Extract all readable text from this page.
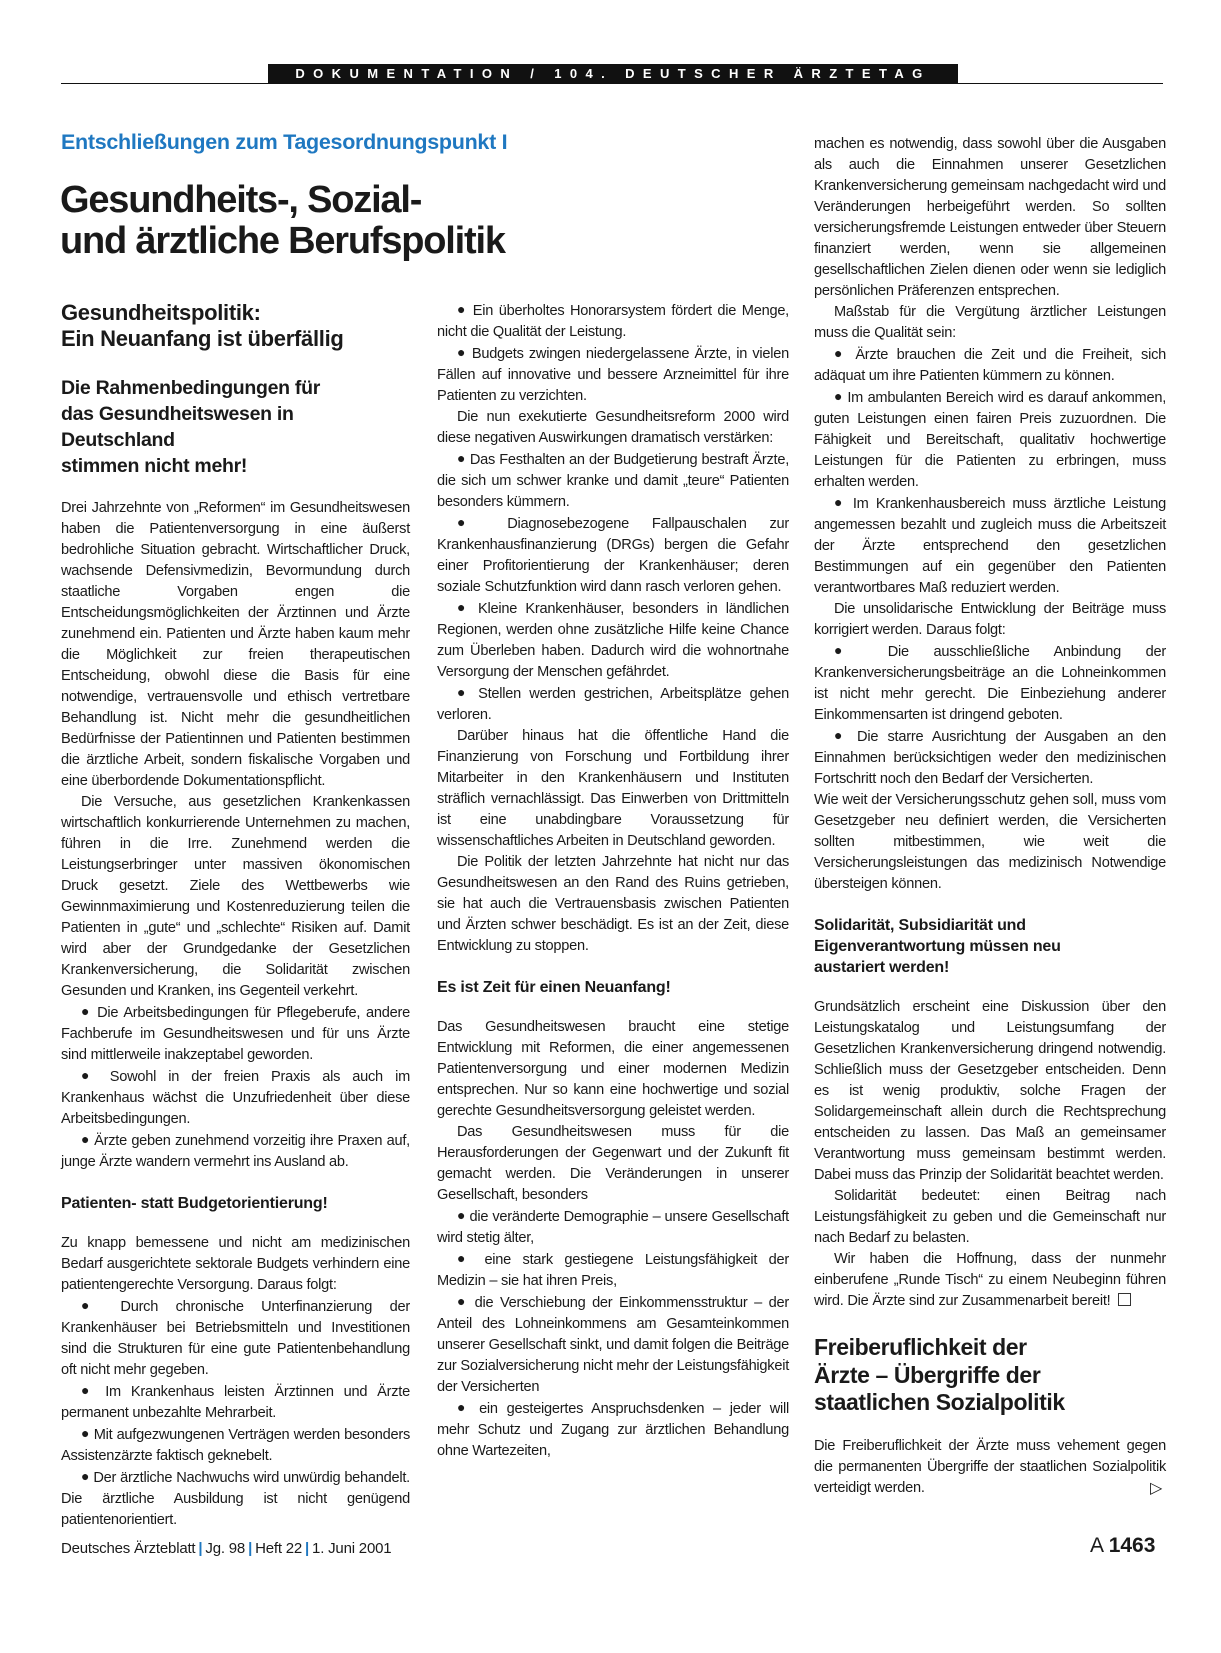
DOKUMENTATION / 104. DEUTSCHER ÄRZTETAG
Entschließungen zum Tagesordnungspunkt I
Gesundheits-, Sozial-
und ärztliche Berufspolitik
Gesundheitspolitik:
Ein Neuanfang ist überfällig
Die Rahmenbedingungen für
das Gesundheitswesen in Deutschland
stimmen nicht mehr!

Drei Jahrzehnte von „Reformen“ im Gesundheitswesen haben die Patientenversorgung in eine äußerst bedrohliche Situation gebracht. Wirtschaftlicher Druck, wachsende Defensivmedizin, Bevormundung durch staatliche Vorgaben engen die Entscheidungsmöglichkeiten der Ärztinnen und Ärzte zunehmend ein. Patienten und Ärzte haben kaum mehr die Möglichkeit zur freien therapeutischen Entscheidung, obwohl diese die Basis für eine notwendige, vertrauensvolle und ethisch vertretbare Behandlung ist. Nicht mehr die gesundheitlichen Bedürfnisse der Patientinnen und Patienten bestimmen die ärztliche Arbeit, sondern fiskalische Vorgaben und eine überbordende Dokumentationspflicht.

Die Versuche, aus gesetzlichen Krankenkassen wirtschaftlich konkurrierende Unternehmen zu machen, führen in die Irre. Zunehmend werden die Leistungserbringer unter massiven ökonomischen Druck gesetzt. Ziele des Wettbewerbs wie Gewinnmaximierung und Kostenreduzierung teilen die Patienten in „gute“ und „schlechte“ Risiken auf. Damit wird aber der Grundgedanke der Gesetzlichen Krankenversicherung, die Solidarität zwischen Gesunden und Kranken, ins Gegenteil verkehrt.

● Die Arbeitsbedingungen für Pflegeberufe, andere Fachberufe im Gesundheitswesen und für uns Ärzte sind mittlerweile inakzeptabel geworden.

● Sowohl in der freien Praxis als auch im Krankenhaus wächst die Unzufriedenheit über diese Arbeitsbedingungen.

● Ärzte geben zunehmend vorzeitig ihre Praxen auf, junge Ärzte wandern vermehrt ins Ausland ab.

Patienten- statt Budgetorientierung!

Zu knapp bemessene und nicht am medizinischen Bedarf ausgerichtete sektorale Budgets verhindern eine patientengerechte Versorgung. Daraus folgt:

● Durch chronische Unterfinanzierung der Krankenhäuser bei Betriebsmitteln und Investitionen sind die Strukturen für eine gute Patientenbehandlung oft nicht mehr gegeben.

● Im Krankenhaus leisten Ärztinnen und Ärzte permanent unbezahlte Mehrarbeit.

● Mit aufgezwungenen Verträgen werden besonders Assistenzärzte faktisch geknebelt.

● Der ärztliche Nachwuchs wird unwürdig behandelt. Die ärztliche Ausbildung ist nicht genügend patientenorientiert.

● Ein überholtes Honorarsystem fördert die Menge, nicht die Qualität der Leistung.

● Budgets zwingen niedergelassene Ärzte, in vielen Fällen auf innovative und bessere Arzneimittel für ihre Patienten zu verzichten.

Die nun exekutierte Gesundheitsreform 2000 wird diese negativen Auswirkungen dramatisch verstärken:

● Das Festhalten an der Budgetierung bestraft Ärzte, die sich um schwer kranke und damit „teure“ Patienten besonders kümmern.

● Diagnosebezogene Fallpauschalen zur Krankenhausfinanzierung (DRGs) bergen die Gefahr einer Profitorientierung der Krankenhäuser; deren soziale Schutzfunktion wird dann rasch verloren gehen.

● Kleine Krankenhäuser, besonders in ländlichen Regionen, werden ohne zusätzliche Hilfe keine Chance zum Überleben haben. Dadurch wird die wohnortnahe Versorgung der Menschen gefährdet.

● Stellen werden gestrichen, Arbeitsplätze gehen verloren.

Darüber hinaus hat die öffentliche Hand die Finanzierung von Forschung und Fortbildung ihrer Mitarbeiter in den Krankenhäusern und Instituten sträflich vernachlässigt. Das Einwerben von Drittmitteln ist eine unabdingbare Voraussetzung für wissenschaftliches Arbeiten in Deutschland geworden.

Die Politik der letzten Jahrzehnte hat nicht nur das Gesundheitswesen an den Rand des Ruins getrieben, sie hat auch die Vertrauensbasis zwischen Patienten und Ärzten schwer beschädigt. Es ist an der Zeit, diese Entwicklung zu stoppen.

Es ist Zeit für einen Neuanfang!

Das Gesundheitswesen braucht eine stetige Entwicklung mit Reformen, die einer angemessenen Patientenversorgung und einer modernen Medizin entsprechen. Nur so kann eine hochwertige und sozial gerechte Gesundheitsversorgung geleistet werden.

Das Gesundheitswesen muss für die Herausforderungen der Gegenwart und der Zukunft fit gemacht werden. Die Veränderungen in unserer Gesellschaft, besonders

● die veränderte Demographie – unsere Gesellschaft wird stetig älter,

● eine stark gestiegene Leistungsfähigkeit der Medizin – sie hat ihren Preis,

● die Verschiebung der Einkommensstruktur – der Anteil des Lohneinkommens am Gesamteinkommen unserer Gesellschaft sinkt, und damit folgen die Beiträge zur Sozialversicherung nicht mehr der Leistungsfähigkeit der Versicherten

● ein gesteigertes Anspruchsdenken – jeder will mehr Schutz und Zugang zur ärztlichen Behandlung ohne Wartezeiten,

machen es notwendig, dass sowohl über die Ausgaben als auch die Einnahmen unserer Gesetzlichen Krankenversicherung gemeinsam nachgedacht wird und Veränderungen herbeigeführt werden. So sollten versicherungsfremde Leistungen entweder über Steuern finanziert werden, wenn sie allgemeinen gesellschaftlichen Zielen dienen oder wenn sie lediglich persönlichen Präferenzen entsprechen.

Maßstab für die Vergütung ärztlicher Leistungen muss die Qualität sein:

● Ärzte brauchen die Zeit und die Freiheit, sich adäquat um ihre Patienten kümmern zu können.

● Im ambulanten Bereich wird es darauf ankommen, guten Leistungen einen fairen Preis zuzuordnen. Die Fähigkeit und Bereitschaft, qualitativ hochwertige Leistungen für die Patienten zu erbringen, muss erhalten werden.

● Im Krankenhausbereich muss ärztliche Leistung angemessen bezahlt und zugleich muss die Arbeitszeit der Ärzte entsprechend den gesetzlichen Bestimmungen auf ein gegenüber den Patienten verantwortbares Maß reduziert werden.

Die unsolidarische Entwicklung der Beiträge muss korrigiert werden. Daraus folgt:

● Die ausschließliche Anbindung der Krankenversicherungsbeiträge an die Lohneinkommen ist nicht mehr gerecht. Die Einbeziehung anderer Einkommensarten ist dringend geboten.

● Die starre Ausrichtung der Ausgaben an den Einnahmen berücksichtigen weder den medizinischen Fortschritt noch den Bedarf der Versicherten.

Wie weit der Versicherungsschutz gehen soll, muss vom Gesetzgeber neu definiert werden, die Versicherten sollten mitbestimmen, wie weit die Versicherungsleistungen das medizinisch Notwendige übersteigen können.

Solidarität, Subsidiarität und
Eigenverantwortung müssen neu
austariert werden!

Grundsätzlich erscheint eine Diskussion über den Leistungskatalog und Leistungsumfang der Gesetzlichen Krankenversicherung dringend notwendig. Schließlich muss der Gesetzgeber entscheiden. Denn es ist wenig produktiv, solche Fragen der Solidargemeinschaft allein durch die Rechtsprechung entscheiden zu lassen. Das Maß an gemeinsamer Verantwortung muss gemeinsam bestimmt werden. Dabei muss das Prinzip der Solidarität beachtet werden.

Solidarität bedeutet: einen Beitrag nach Leistungsfähigkeit zu geben und die Gemeinschaft nur nach Bedarf zu belasten.

Wir haben die Hoffnung, dass der nunmehr einberufene „Runde Tisch“ zu einem Neubeginn führen wird. Die Ärzte sind zur Zusammenarbeit bereit!

Freiberuflichkeit der
Ärzte – Übergriffe der
staatlichen Sozialpolitik

Die Freiberuflichkeit der Ärzte muss vehement gegen die permanenten Übergriffe der staatlichen Sozialpolitik verteidigt werden.	▷

Deutsches Ärzteblatt | Jg. 98 | Heft 22 | 1. Juni 2001	A 1463
